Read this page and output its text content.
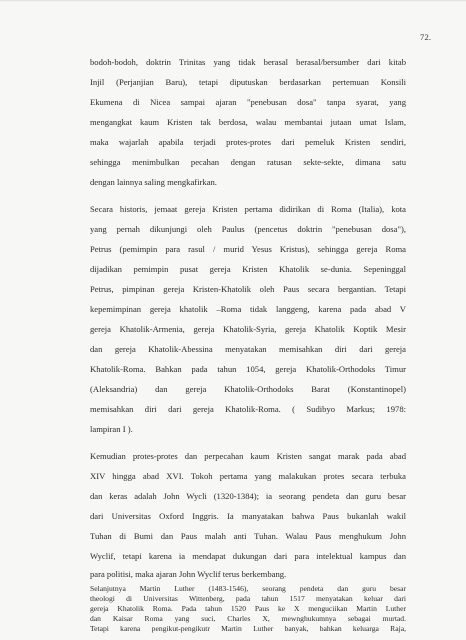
72.
bodoh-bodoh, doktrin Trinitas yang tidak berasal berasal/bersumber dari kitab
Injil (Perjanjian Baru), tetapi diputuskan berdasarkan pertemuan Konsili
Ekumena di Nicea sampai ajaran "penebusan dosa" tanpa syarat, yang
mengangkat kaum Kristen tak berdosa, walau membantai jutaan umat Islam,
maka wajarlah apabila terjadi protes-protes dari pemeluk Kristen sendiri,
sehingga menimbulkan pecahan dengan ratusan sekte-sekte, dimana satu
dengan lainnya saling mengkafirkan.
Secara historis, jemaat gereja Kristen pertama didirikan di Roma (Italia), kota
yang pernah dikunjungi oleh Paulus (pencetus doktrin "penebusan dosa"),
Petrus (pemimpin para rasul / murid Yesus Kristus), sehingga gereja Roma
dijadikan pemimpin pusat gereja Kristen Khatolik se-dunia. Sepeninggal
Petrus, pimpinan gereja Kristen-Khatolik oleh Paus secara bergantian. Tetapi
kepemimpinan gereja khatolik –Roma tidak langgeng, karena pada abad V
gereja Khatolik-Armenia, gereja Khatolik-Syria, gereja Khatolik Koptik Mesir
dan gereja Khatolik-Abessina menyatakan memisahkan diri dari gereja
Khatolik-Roma. Bahkan pada tahun 1054, gereja Khatolik-Orthodoks Timur
(Aleksandria) dan gereja Khatolik-Orthodoks Barat (Konstantinopel)
memisahkan diri dari gereja Khatolik-Roma. ( Sudibyo Markus; 1978:
lampiran I ).
Kemudian protes-protes dan perpecahan kaum Kristen sangat marak pada abad
XIV hingga abad XVI. Tokoh pertama yang malakukan protes secara terbuka
dan keras adalah John Wycli (1320-1384); ia seorang pendeta dan guru besar
dari Universitas Oxford Inggris. Ia manyatakan bahwa Paus bukanlah wakil
Tuhan di Bumi dan Paus malah anti Tuhan. Walau Paus menghukum John
Wyclif, tetapi karena ia mendapat dukungan dari para intelektual kampus dan
para politisi, maka ajaran John Wyclif terus berkembang.
Selanjutnya Martin Luther (1483-1546), seorang pendeta dan guru besar
theologi di Universitas Wittenberg, pada tahun 1517 menyatakan keluar dari
gereja Khatolik Roma. Pada tahun 1520 Paus ke X menguciikan Martin Luther
dan Kaisar Roma yang suci, Charles X, mewnghukumnya sebagai murtad.
Tetapi karena pengikut-pengikutr Martin Luther banyak, bahkan keluarga Raja,
